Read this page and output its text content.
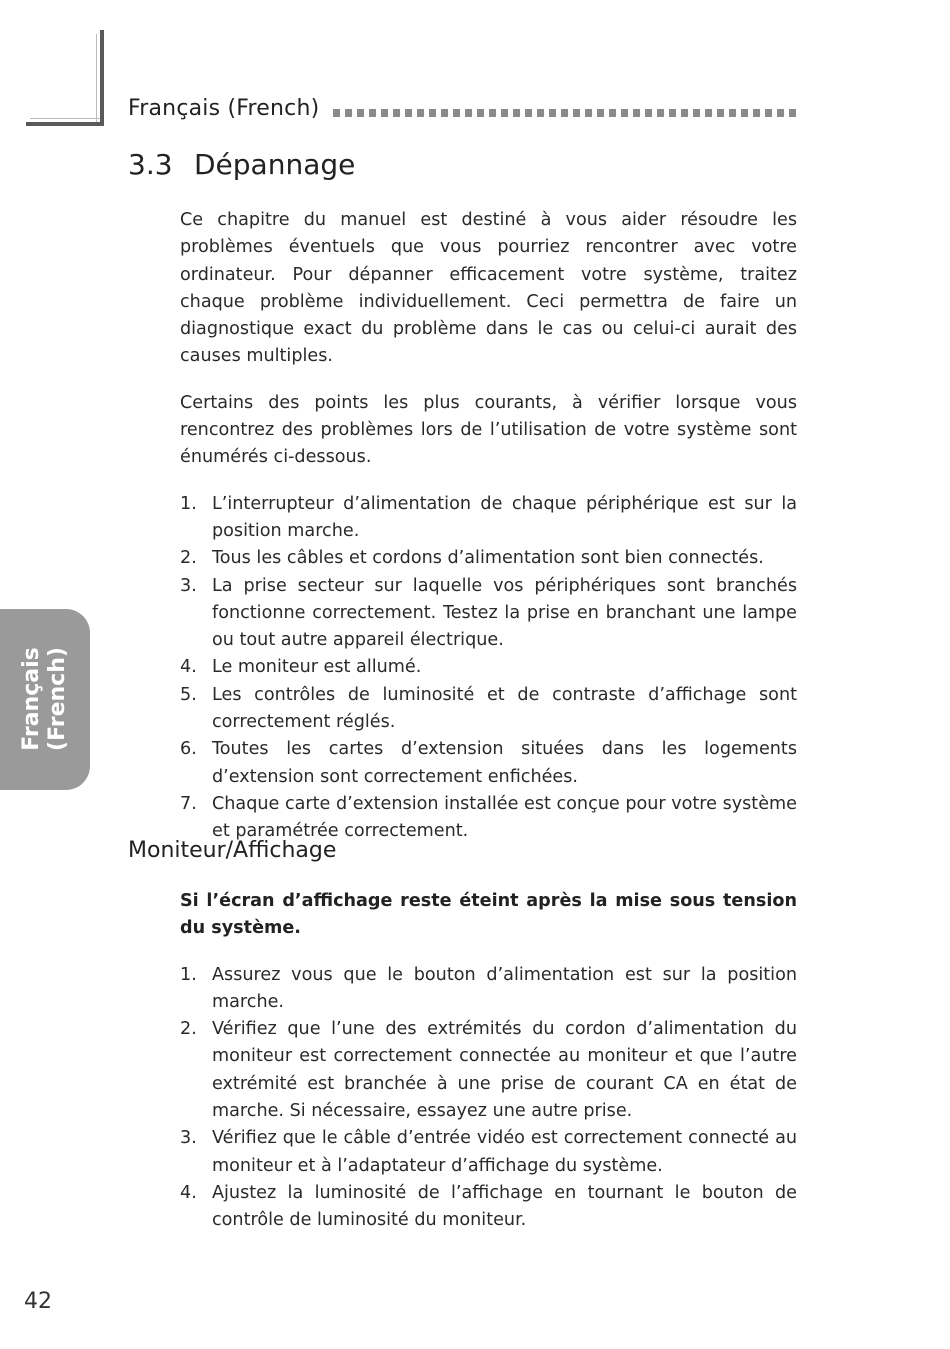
Français (French)
3.3 Dépannage

Ce chapitre du manuel est destiné à vous aider résoudre les problèmes éventuels que vous pourriez rencontrer avec votre ordinateur. Pour dépanner efficacement votre système, traitez chaque problème individuellement. Ceci permettra de faire un diagnostique exact du problème dans le cas ou celui-ci aurait des causes multiples.

Certains des points les plus courants, à vérifier lorsque vous rencontrez des problèmes lors de l’utilisation de votre système sont énumérés ci-dessous.

1. L’interrupteur d’alimentation de chaque périphérique est sur la position marche.
2. Tous les câbles et cordons d’alimentation sont bien connectés.
3. La prise secteur sur laquelle vos périphériques sont branchés fonctionne correctement. Testez la prise en branchant une lampe ou tout autre appareil électrique.
4. Le moniteur est allumé.
5. Les contrôles de luminosité et de contraste d’affichage sont correctement réglés.
6. Toutes les cartes d’extension situées dans les logements d’extension sont correctement enfichées.
7. Chaque carte d’extension installée est conçue pour votre système et paramétrée correctement.
Moniteur/Affichage

Si l’écran d’affichage reste éteint après la mise sous tension du système.

1. Assurez vous que le bouton d’alimentation est sur la position marche.
2. Vérifiez que l’une des extrémités du cordon d’alimentation du moniteur est correctement connectée au moniteur et que l’autre extrémité est branchée à une prise de courant CA en état de marche. Si nécessaire, essayez une autre prise.
3. Vérifiez que le câble d’entrée vidéo est correctement connecté au moniteur et à l’adaptateur d’affichage du système.
4. Ajustez la luminosité de l’affichage en tournant le bouton de contrôle de luminosité du moniteur.
Français (French)
42
